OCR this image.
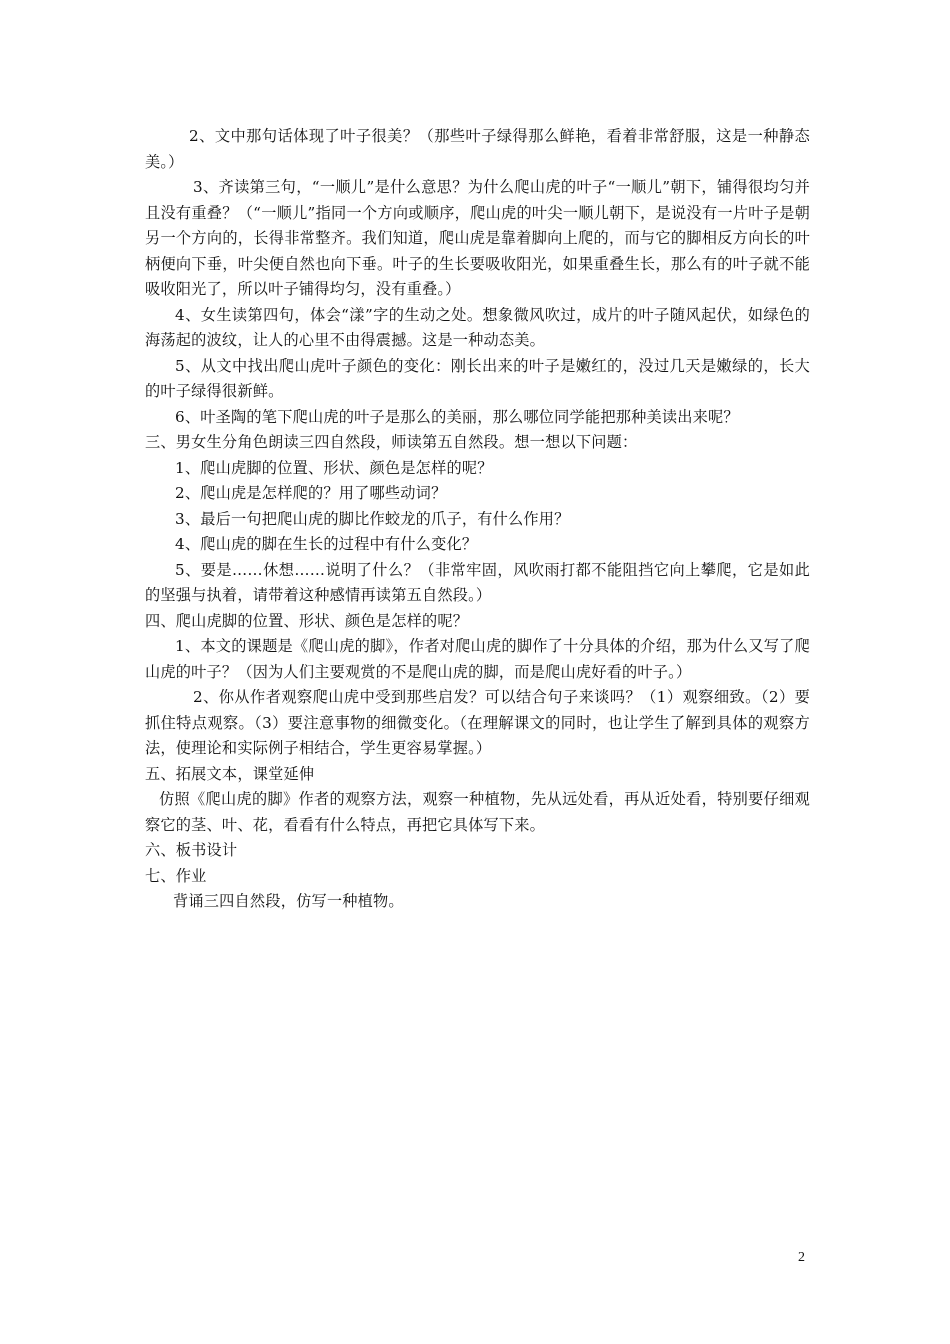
2、文中那句话体现了叶子很美？（那些叶子绿得那么鲜艳，看着非常舒服，这是一种静态美。）

3、齐读第三句，“一顺儿”是什么意思？为什么爬山虎的叶子“一顺儿”朝下，铺得很均匀并且没有重叠？（“一顺儿”指同一个方向或顺序，爬山虎的叶尖一顺儿朝下，是说没有一片叶子是朝另一个方向的，长得非常整齐。我们知道，爬山虎是靠着脚向上爬的，而与它的脚相反方向长的叶柄便向下垂，叶尖便自然也向下垂。叶子的生长要吸收阳光，如果重叠生长，那么有的叶子就不能吸收阳光了，所以叶子铺得均匀，没有重叠。）

4、女生读第四句，体会“漾”字的生动之处。想象微风吹过，成片的叶子随风起伏，如绿色的海荡起的波纹，让人的心里不由得震撼。这是一种动态美。

5、从文中找出爬山虎叶子颜色的变化：刚长出来的叶子是嫩红的，没过几天是嫩绿的，长大的叶子绿得很新鲜。

6、叶圣陶的笔下爬山虎的叶子是那么的美丽，那么哪位同学能把那种美读出来呢？

三、男女生分角色朗读三四自然段，师读第五自然段。想一想以下问题：

1、爬山虎脚的位置、形状、颜色是怎样的呢？

2、爬山虎是怎样爬的？用了哪些动词？

3、最后一句把爬山虎的脚比作蛟龙的爪子，有什么作用？

4、爬山虎的脚在生长的过程中有什么变化？

5、要是……休想……说明了什么？（非常牢固，风吹雨打都不能阻挡它向上攀爬，它是如此的坚强与执着，请带着这种感情再读第五自然段。）

四、爬山虎脚的位置、形状、颜色是怎样的呢？

1、本文的课题是《爬山虎的脚》，作者对爬山虎的脚作了十分具体的介绍，那为什么又写了爬山虎的叶子？（因为人们主要观赏的不是爬山虎的脚，而是爬山虎好看的叶子。）

2、你从作者观察爬山虎中受到那些启发？可以结合句子来谈吗？（1）观察细致。（2）要抓住特点观察。（3）要注意事物的细微变化。（在理解课文的同时，也让学生了解到具体的观察方法，使理论和实际例子相结合，学生更容易掌握。）

五、拓展文本，课堂延伸

仿照《爬山虎的脚》作者的观察方法，观察一种植物，先从远处看，再从近处看，特别要仔细观察它的茎、叶、花，看看有什么特点，再把它具体写下来。

六、板书设计

七、作业

背诵三四自然段，仿写一种植物。

2
